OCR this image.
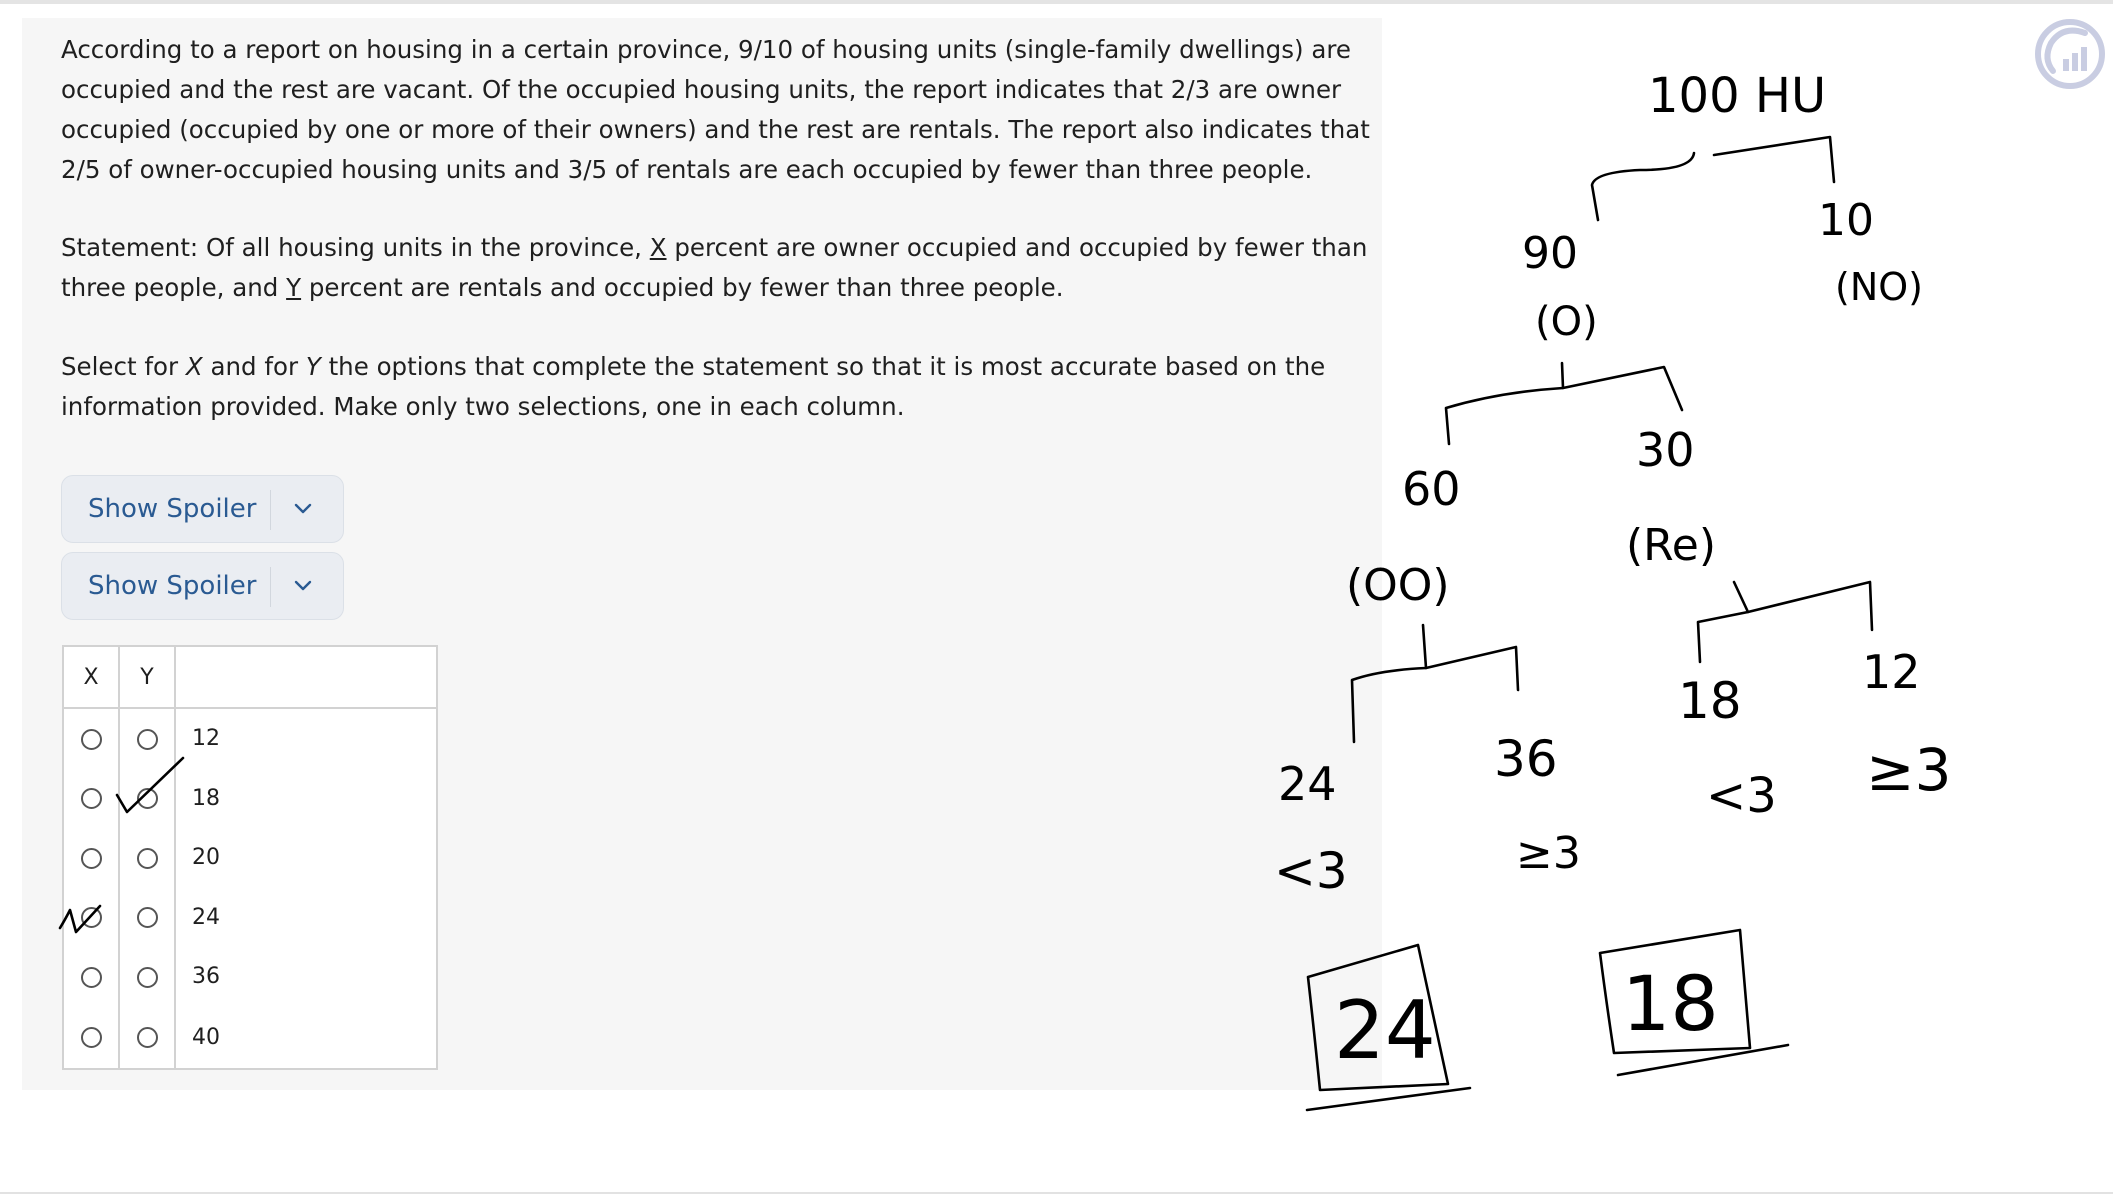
According to a report on housing in a certain province, 9/10 of housing units (single-family dwellings) are occupied and the rest are vacant. Of the occupied housing units, the report indicates that 2/3 are owner occupied (occupied by one or more of their owners) and the rest are rentals. The report also indicates that 2/5 of owner-occupied housing units and 3/5 of rentals are each occupied by fewer than three people.

Statement: Of all housing units in the province, X percent are owner occupied and occupied by fewer than three people, and Y percent are rentals and occupied by fewer than three people.

Select for X and for Y the options that complete the statement so that it is most accurate based on the information provided. Make only two selections, one in each column.

Show Spoiler
Show Spoiler
X	Y	
		12
		18
		20
		24
		36
		40
100 HU
90
(O)
10
(NO)
60
(OO)
30
(Re)
24
<3
36
≥3
18
<3
12
≥3
24 18
